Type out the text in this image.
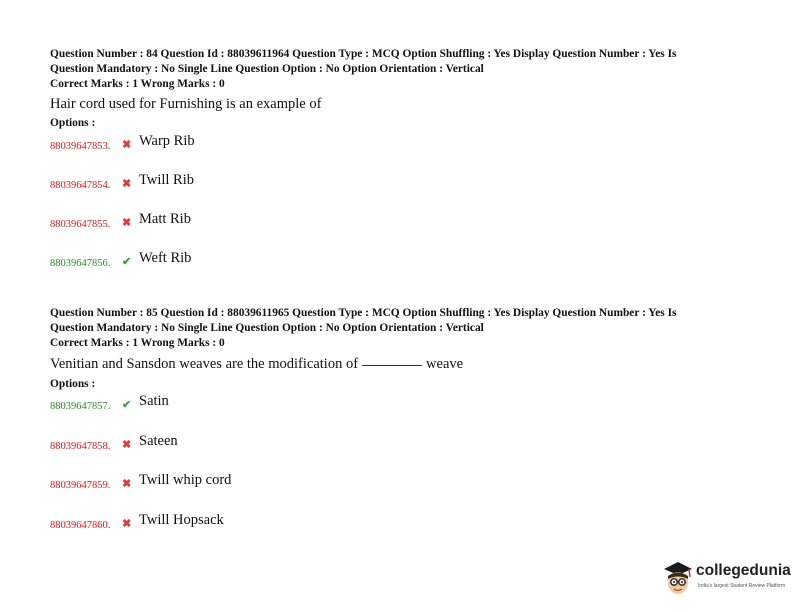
Question Number : 84 Question Id : 88039611964 Question Type : MCQ Option Shuffling : Yes Display Question Number : Yes Is
Question Mandatory : No Single Line Question Option : No Option Orientation : Vertical
Correct Marks : 1 Wrong Marks : 0

Hair cord used for Furnishing is an example of

Options :

88039647853. ✖ Warp Rib
88039647854. ✖ Twill Rib
88039647855. ✖ Matt Rib
88039647856. ✔ Weft Rib

Question Number : 85 Question Id : 88039611965 Question Type : MCQ Option Shuffling : Yes Display Question Number : Yes Is
Question Mandatory : No Single Line Question Option : No Option Orientation : Vertical
Correct Marks : 1 Wrong Marks : 0

Venitian and Sansdon weaves are the modification of	weave

Options :

88039647857. ✔ Satin
88039647858. ✖ Sateen
88039647859. ✖ Twill whip cord
88039647860. ✖ Twill Hopsack
collegedunia
India's largest Student Review Platform
